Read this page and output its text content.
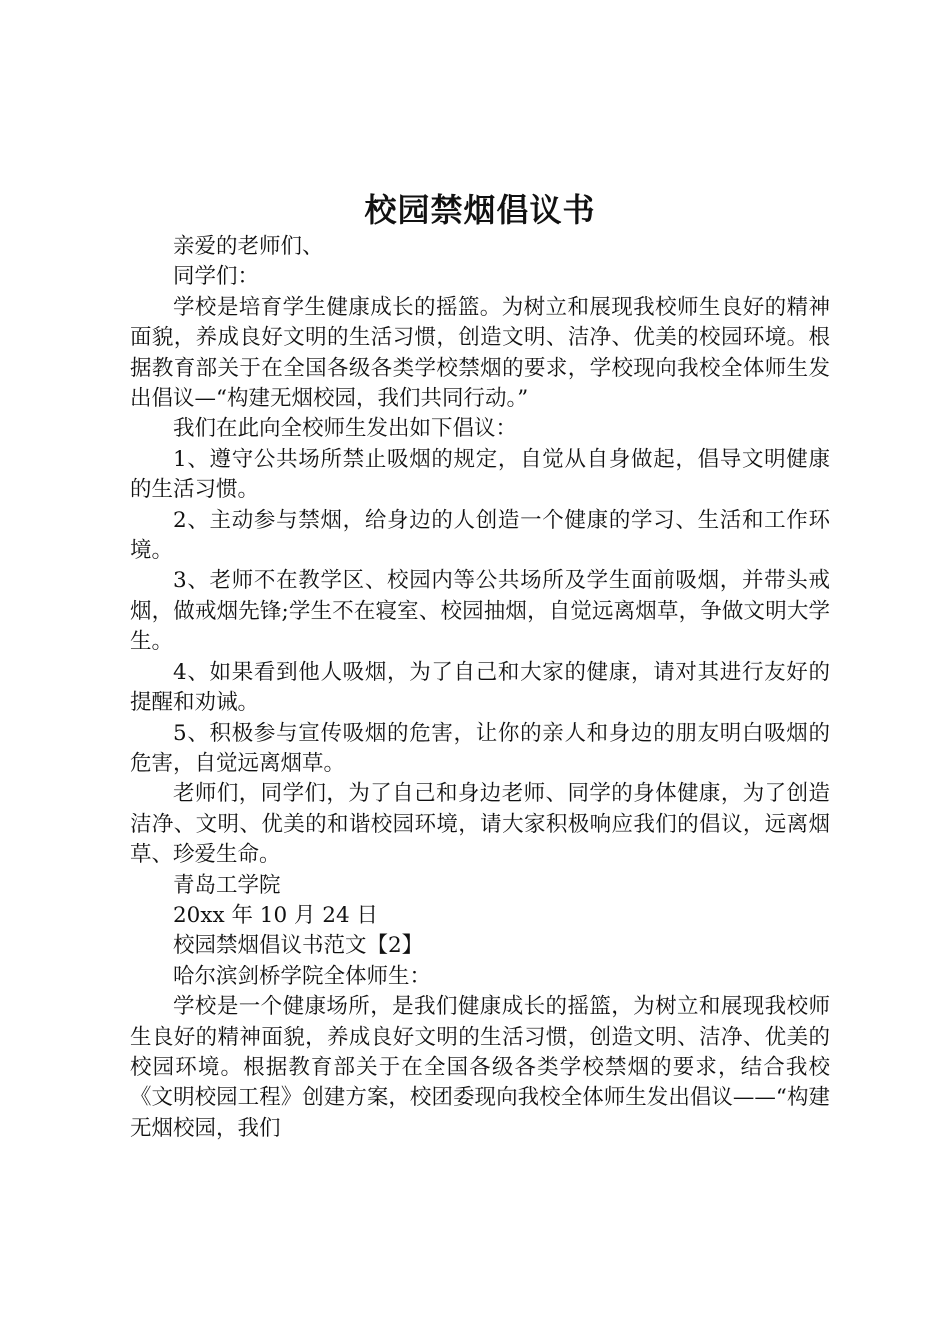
校园禁烟倡议书

亲爱的老师们、

同学们：

学校是培育学生健康成长的摇篮。为树立和展现我校师生良好的精神面貌，养成良好文明的生活习惯，创造文明、洁净、优美的校园环境。根据教育部关于在全国各级各类学校禁烟的要求，学校现向我校全体师生发出倡议—“构建无烟校园，我们共同行动。”

我们在此向全校师生发出如下倡议：

1、遵守公共场所禁止吸烟的规定，自觉从自身做起，倡导文明健康的生活习惯。

2、主动参与禁烟，给身边的人创造一个健康的学习、生活和工作环境。

3、老师不在教学区、校园内等公共场所及学生面前吸烟，并带头戒烟，做戒烟先锋;学生不在寝室、校园抽烟，自觉远离烟草，争做文明大学生。

4、如果看到他人吸烟，为了自己和大家的健康，请对其进行友好的提醒和劝诫。

5、积极参与宣传吸烟的危害，让你的亲人和身边的朋友明白吸烟的危害，自觉远离烟草。

老师们，同学们，为了自己和身边老师、同学的身体健康，为了创造洁净、文明、优美的和谐校园环境，请大家积极响应我们的倡议，远离烟草、珍爱生命。

青岛工学院

20xx 年 10 月 24 日

校园禁烟倡议书范文【2】

哈尔滨剑桥学院全体师生：

学校是一个健康场所，是我们健康成长的摇篮，为树立和展现我校师生良好的精神面貌，养成良好文明的生活习惯，创造文明、洁净、优美的校园环境。根据教育部关于在全国各级各类学校禁烟的要求，结合我校《文明校园工程》创建方案，校团委现向我校全体师生发出倡议——“构建无烟校园，我们
